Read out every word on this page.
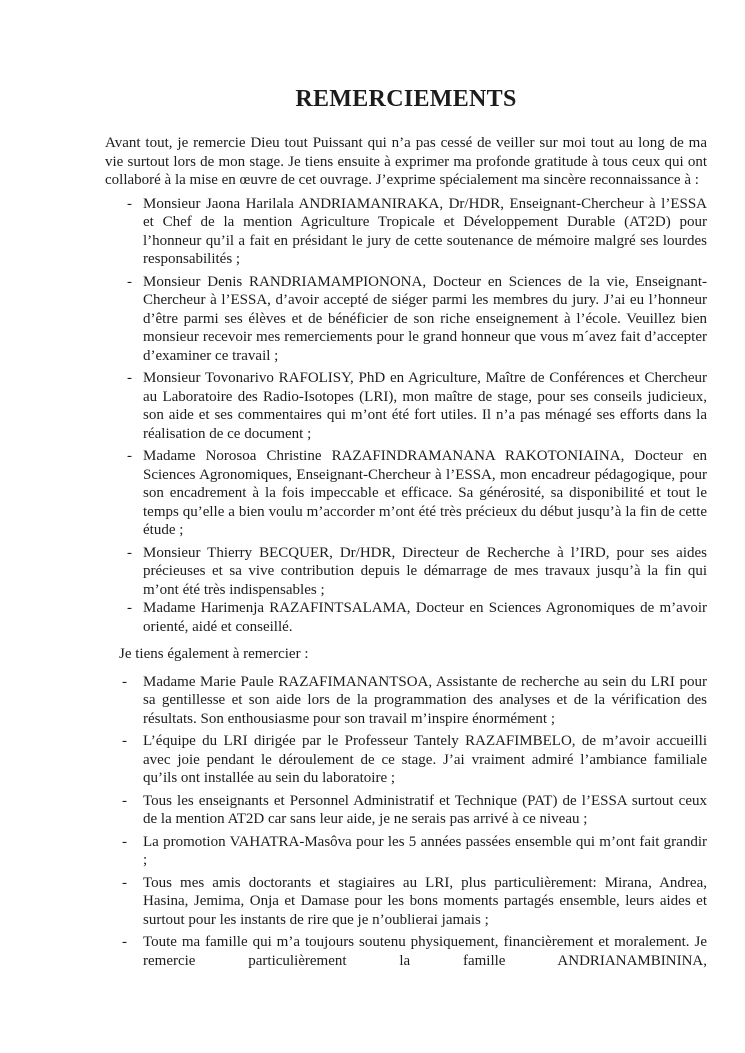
REMERCIEMENTS

Avant tout, je remercie Dieu tout Puissant qui n’a pas cessé de veiller sur moi tout au long de ma vie surtout lors de mon stage. Je tiens ensuite à exprimer ma profonde gratitude à tous ceux qui ont collaboré à la mise en œuvre de cet ouvrage. J’exprime spécialement ma sincère reconnaissance à :

- Monsieur Jaona Harilala ANDRIAMANIRAKA, Dr/HDR, Enseignant-Chercheur à l’ESSA et Chef de la mention Agriculture Tropicale et Développement Durable (AT2D) pour l’honneur qu’il a fait en présidant le jury de cette soutenance de mémoire malgré ses lourdes responsabilités ;
- Monsieur Denis RANDRIAMAMPIONONA, Docteur en Sciences de la vie, Enseignant-Chercheur à l’ESSA, d’avoir accepté de siéger parmi les membres du jury. J’ai eu l’honneur d’être parmi ses élèves et de bénéficier de son riche enseignement à l’école. Veuillez bien monsieur recevoir mes remerciements pour le grand honneur que vous m´avez fait d’accepter d’examiner ce travail ;
- Monsieur Tovonarivo RAFOLISY, PhD en Agriculture, Maître de Conférences et Chercheur au Laboratoire des Radio-Isotopes (LRI), mon maître de stage, pour ses conseils judicieux, son aide et ses commentaires qui m’ont été fort utiles. Il n’a pas ménagé ses efforts dans la réalisation de ce document ;
- Madame Norosoa Christine RAZAFINDRAMANANA RAKOTONIAINA, Docteur en Sciences Agronomiques, Enseignant-Chercheur à l’ESSA, mon encadreur pédagogique, pour son encadrement à la fois impeccable et efficace. Sa générosité, sa disponibilité et tout le temps qu’elle a bien voulu m’accorder m’ont été très précieux du début jusqu’à la fin de cette étude ;
- Monsieur Thierry BECQUER, Dr/HDR, Directeur de Recherche à l’IRD, pour ses aides précieuses et sa vive contribution depuis le démarrage de mes travaux jusqu’à la fin qui m’ont été très indispensables ;
- Madame Harimenja RAZAFINTSALAMA, Docteur en Sciences Agronomiques de m’avoir orienté, aidé et conseillé.

Je tiens également à remercier :

- Madame Marie Paule RAZAFIMANANTSOA, Assistante de recherche au sein du LRI pour sa gentillesse et son aide lors de la programmation des analyses et de la vérification des résultats. Son enthousiasme pour son travail m’inspire énormément ;
- L’équipe du LRI dirigée par le Professeur Tantely RAZAFIMBELO, de m’avoir accueilli avec joie pendant le déroulement de ce stage. J’ai vraiment admiré l’ambiance familiale qu’ils ont installée au sein du laboratoire ;
- Tous les enseignants et Personnel Administratif et Technique (PAT) de l’ESSA surtout ceux de la mention AT2D car sans leur aide, je ne serais pas arrivé à ce niveau ;
- La promotion VAHATRA-Masôva pour les 5 années passées ensemble qui m’ont fait grandir ;
- Tous mes amis doctorants et stagiaires au LRI, plus particulièrement: Mirana, Andrea, Hasina, Jemima, Onja et Damase pour les bons moments partagés ensemble, leurs aides et surtout pour les instants de rire que je n’oublierai jamais ;
- Toute ma famille qui m’a toujours soutenu physiquement, financièrement et moralement. Je remercie particulièrement la famille ANDRIANAMBININA,
